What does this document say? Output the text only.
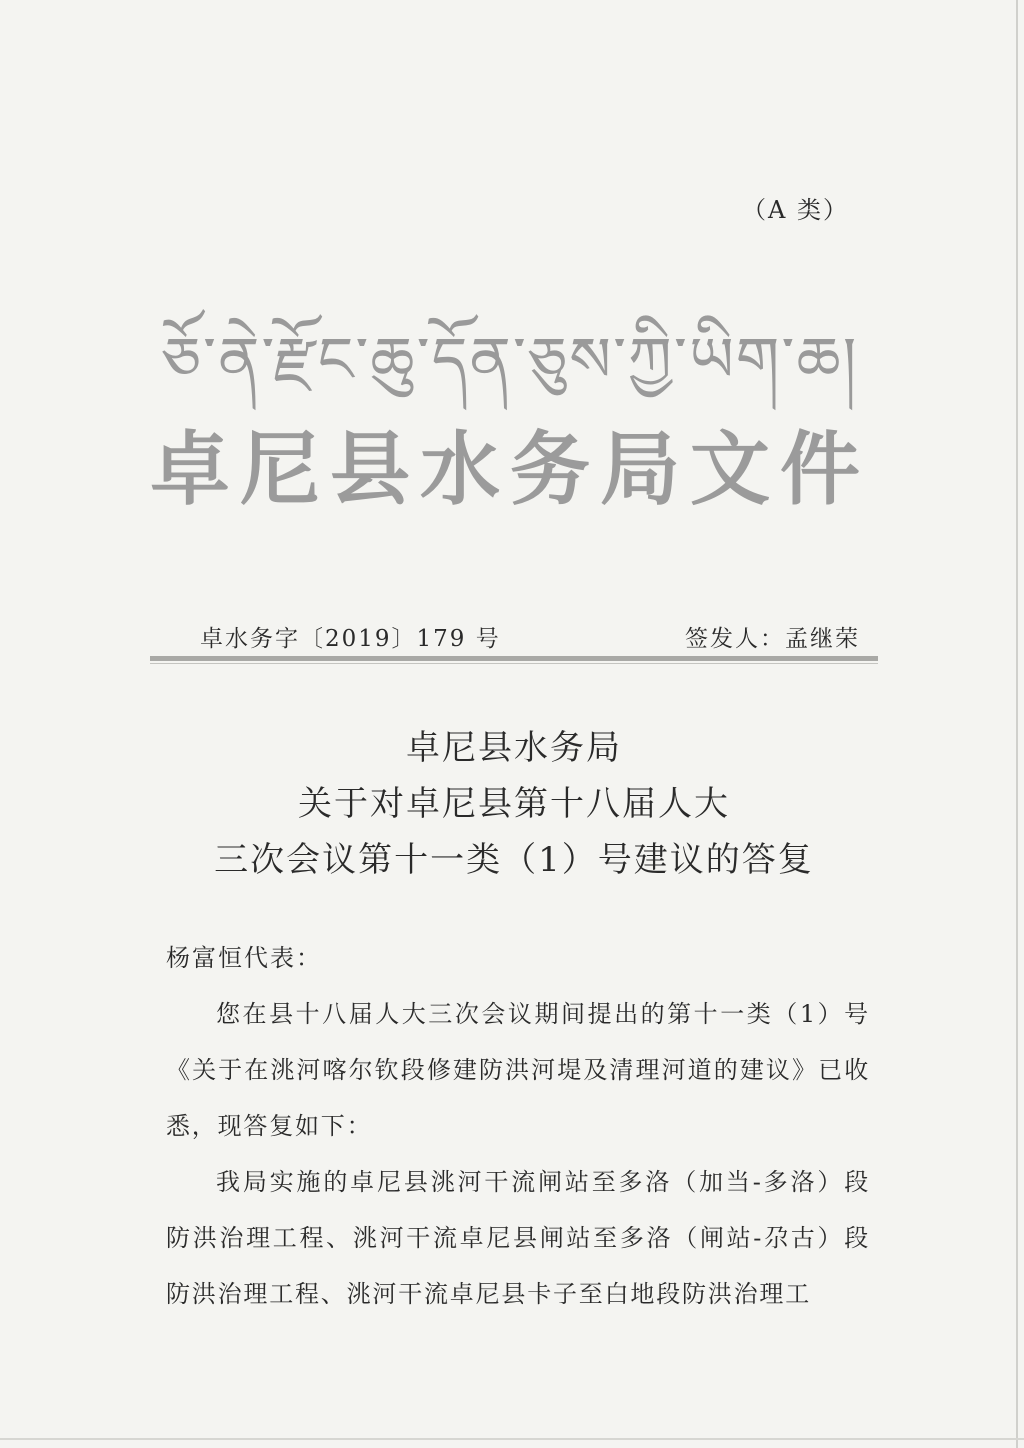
（A 类）
ཅོ་ནེ་རྫོང་ཆུ་དོན་ཅུས་ཀྱི་ཡིག་ཆ།
卓尼县水务局文件
卓水务字〔2019〕179 号	签发人：孟继荣
卓尼县水务局
关于对卓尼县第十八届人大
三次会议第十一类（1）号建议的答复
杨富恒代表：
您在县十八届人大三次会议期间提出的第十一类（1）号《关于在洮河喀尔钦段修建防洪河堤及清理河道的建议》已收悉，现答复如下：
我局实施的卓尼县洮河干流闸站至多洛（加当-多洛）段防洪治理工程、洮河干流卓尼县闸站至多洛（闸站-尕古）段防洪治理工程、洮河干流卓尼县卡子至白地段防洪治理工
